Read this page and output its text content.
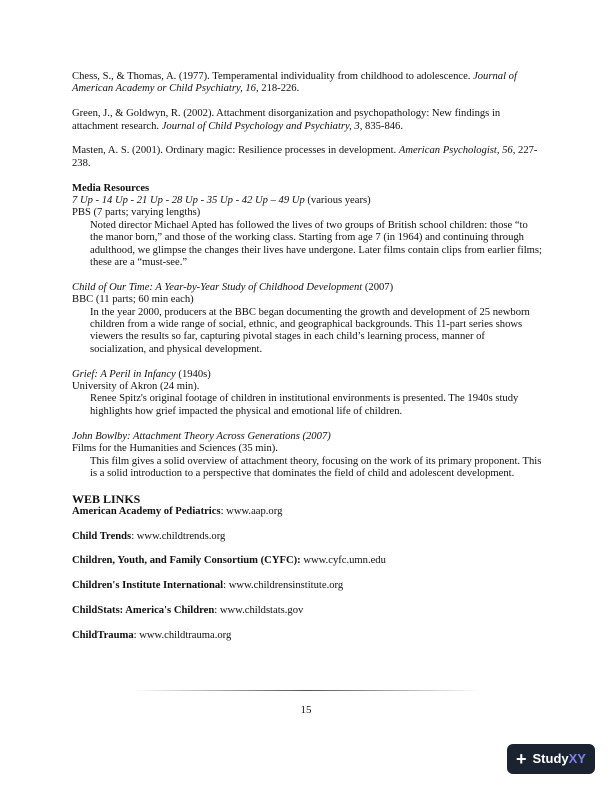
Chess, S., & Thomas, A. (1977). Temperamental individuality from childhood to adolescence. Journal of American Academy or Child Psychiatry, 16, 218-226.

Green, J., & Goldwyn, R. (2002). Attachment disorganization and psychopathology: New findings in attachment research. Journal of Child Psychology and Psychiatry, 3, 835-846.

Masten, A. S. (2001). Ordinary magic: Resilience processes in development. American Psychologist, 56, 227-238.

Media Resources

7 Up - 14 Up - 21 Up - 28 Up - 35 Up - 42 Up – 49 Up (various years)

PBS (7 parts; varying lengths)

Noted director Michael Apted has followed the lives of two groups of British school children: those “to the manor born,” and those of the working class. Starting from age 7 (in 1964) and continuing through adulthood, we glimpse the changes their lives have undergone. Later films contain clips from earlier films; these are a “must-see.”

Child of Our Time: A Year-by-Year Study of Childhood Development (2007)

BBC (11 parts; 60 min each)

In the year 2000, producers at the BBC began documenting the growth and development of 25 newborn children from a wide range of social, ethnic, and geographical backgrounds. This 11-part series shows viewers the results so far, capturing pivotal stages in each child’s learning process, manner of socialization, and physical development.

Grief: A Peril in Infancy (1940s)

University of Akron (24 min).

Renee Spitz's original footage of children in institutional environments is presented. The 1940s study highlights how grief impacted the physical and emotional life of children.

John Bowlby: Attachment Theory Across Generations (2007)

Films for the Humanities and Sciences (35 min).

This film gives a solid overview of attachment theory, focusing on the work of its primary proponent. This is a solid introduction to a perspective that dominates the field of child and adolescent development.

WEB LINKS

American Academy of Pediatrics: www.aap.org

Child Trends: www.childtrends.org

Children, Youth, and Family Consortium (CYFC): www.cyfc.umn.edu

Children's Institute International: www.childrensinstitute.org

ChildStats: America's Children: www.childstats.gov

ChildTrauma: www.childtrauma.org

15
+ StudyXY
